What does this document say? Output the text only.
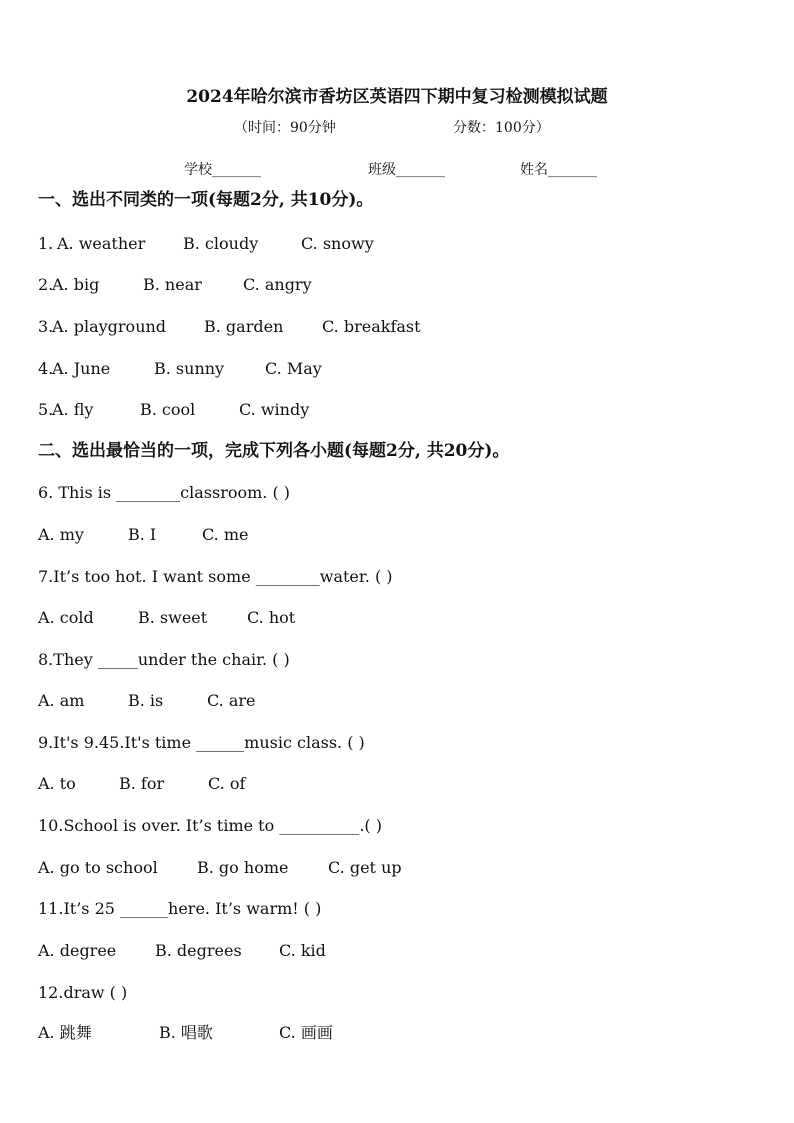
2024年哈尔滨市香坊区英语四下期中复习检测模拟试题
（时间：90分钟	分数：100分）
学校_______	班级_______	姓名_______
一、选出不同类的一项(每题2分, 共10分)。
1. A. weather B. cloudy	C. snowy
2.
A. big	B. near	C. angry
3.
A. playground B. garden C. breakfast
4.
A. June	B. sunny	C. May
5.
A. fly	B. cool	C. windy
二、选出最恰当的一项，完成下列各小题(每题2分, 共20分)。
6. This is ________classroom. ( )
A. my	B. I	C. me
7.It’s too hot. I want some ________water. ( )
A. cold	B. sweet C. hot
8.They _____under the chair. ( )
A. am	B. is	C. are
9.It's 9.45.It's time ______music class. ( )
A. to	B. for	C. of
10.School is over. It’s time to __________.( )
A. go to school B. go home C. get up
11.It’s 25 ______here. It’s warm! ( )
A. degree B. degrees C. kid
12.draw ( )
A. 跳舞	B. 唱歌	C. 画画
